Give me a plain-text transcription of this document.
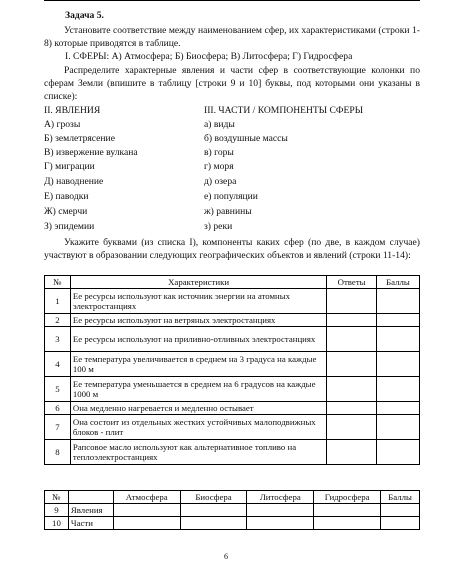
Задача 5.
Установите соответствие между наименованием сфер, их характеристиками (строки 1-8) которые приводятся в таблице.
I. СФЕРЫ: А) Атмосфера; Б) Биосфера; В) Литосфера; Г) Гидросфера
Распределите характерные явления и части сфер в соответствующие колонки по сферам Земли (впишите в таблицу [строки 9 и 10] буквы, под которыми они указаны в списке):
II. ЯВЛЕНИЯ
А) грозы
Б) землетрясение
В) извержение вулкана
Г) миграции
Д) наводнение
Е) паводки
Ж) смерчи
З) эпидемии
III. ЧАСТИ / КОМПОНЕНТЫ СФЕРЫ
а) виды
б) воздушные массы
в) горы
г) моря
д) озера
е) популяции
ж) равнины
з) реки
Укажите буквами (из списка I), компоненты каких сфер (по две, в каждом случае) участвуют в образовании следующих географических объектов и явлений (строки 11-14):
№	Характеристики	Ответы	Баллы
1	Ее ресурсы используют как источник энергии на атомных электростанциях		
2	Ее ресурсы используют на ветряных электростанциях		
3	Ее ресурсы используют на приливно-отливных электростанциях		
4	Ее температура увеличивается в среднем на 3 градуса на каждые 100 м		
5	Ее температура уменьшается в среднем на 6 градусов на каждые 1000 м		
6	Она медленно нагревается и медленно остывает		
7	Она состоит из отдельных жестких устойчивых малоподвижных блоков - плит		
8	Рапсовое масло используют как альтернативное топливо на теплоэлектростанциях		
№		Атмосфера	Биосфера	Литосфера	Гидросфера	Баллы
9	Явления					
10	Части					
6
